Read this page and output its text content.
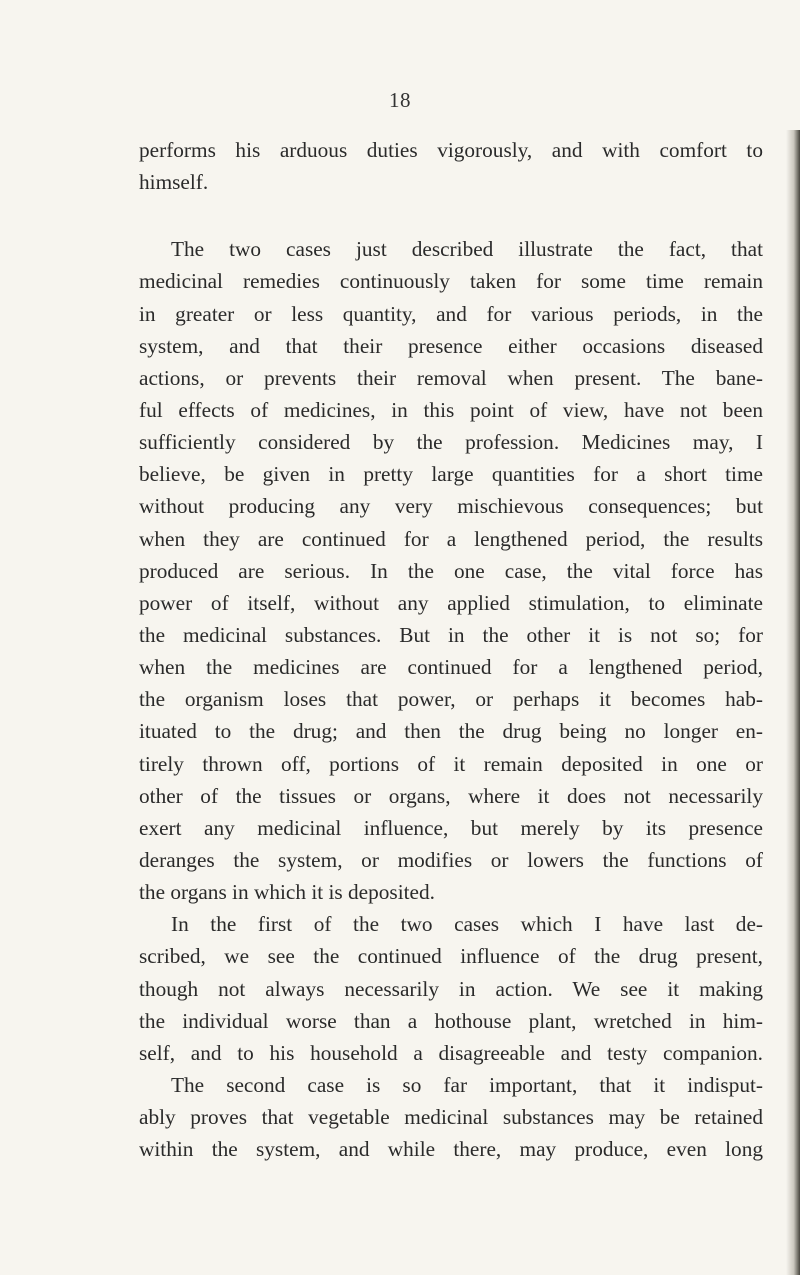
18
performs his arduous duties vigorously, and with comfort to
himself.
The two cases just described illustrate the fact, that
medicinal remedies continuously taken for some time remain
in greater or less quantity, and for various periods, in the
system, and that their presence either occasions diseased
actions, or prevents their removal when present. The bane-
ful effects of medicines, in this point of view, have not been
sufficiently considered by the profession. Medicines may, I
believe, be given in pretty large quantities for a short time
without producing any very mischievous consequences; but
when they are continued for a lengthened period, the results
produced are serious. In the one case, the vital force has
power of itself, without any applied stimulation, to eliminate
the medicinal substances. But in the other it is not so; for
when the medicines are continued for a lengthened period,
the organism loses that power, or perhaps it becomes hab-
ituated to the drug; and then the drug being no longer en-
tirely thrown off, portions of it remain deposited in one or
other of the tissues or organs, where it does not necessarily
exert any medicinal influence, but merely by its presence
deranges the system, or modifies or lowers the functions of
the organs in which it is deposited.
In the first of the two cases which I have last de-
scribed, we see the continued influence of the drug present,
though not always necessarily in action. We see it making
the individual worse than a hothouse plant, wretched in him-
self, and to his household a disagreeable and testy companion.
The second case is so far important, that it indisput-
ably proves that vegetable medicinal substances may be retained
within the system, and while there, may produce, even long
